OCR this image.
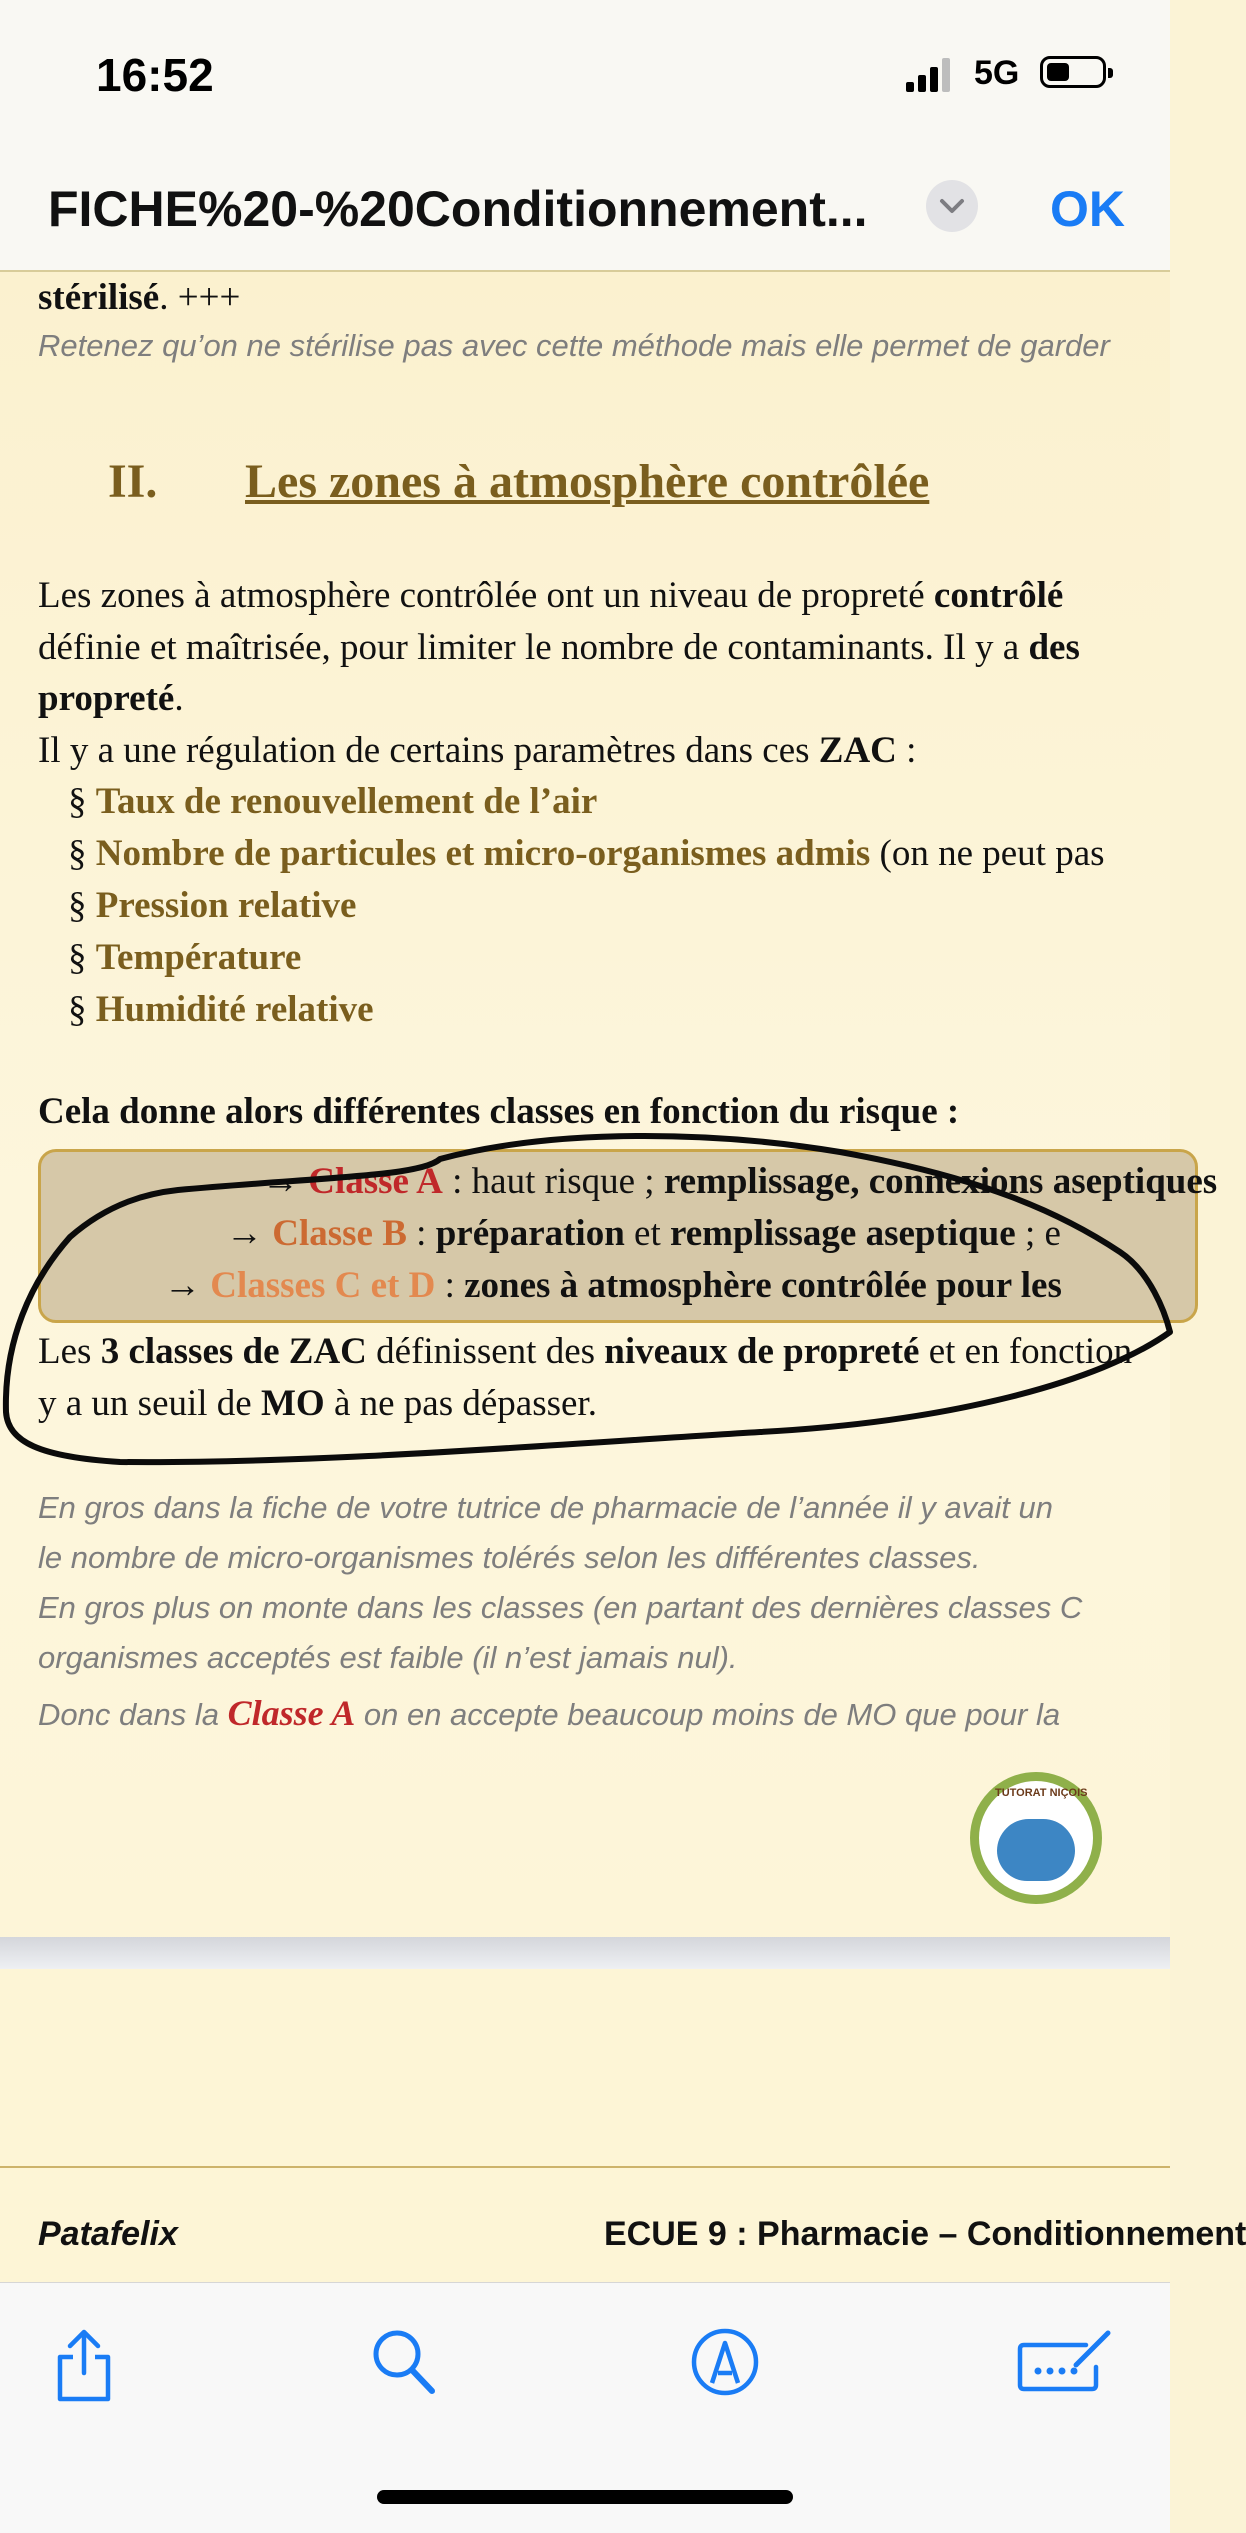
16:52	5G
FICHE%20-%20Conditionnement...	OK
stérilisé. +++
Retenez qu’on ne stérilise pas avec cette méthode mais elle permet de garder
II. Les zones à atmosphère contrôlée
Les zones à atmosphère contrôlée ont un niveau de propreté contrôlé
définie et maîtrisée, pour limiter le nombre de contaminants. Il y a des
propreté.
Il y a une régulation de certains paramètres dans ces ZAC :
§ Taux de renouvellement de l’air
§ Nombre de particules et micro-organismes admis (on ne peut pas
§ Pression relative
§ Température
§ Humidité relative
Cela donne alors différentes classes en fonction du risque :
→ Classe A : haut risque ; remplissage, connexions aseptiques
→ Classe B : préparation et remplissage aseptique ; e
→ Classes C et D : zones à atmosphère contrôlée pour les
Les 3 classes de ZAC définissent des niveaux de propreté et en fonction
y a un seuil de MO à ne pas dépasser.
En gros dans la fiche de votre tutrice de pharmacie de l’année il y avait un
le nombre de micro-organismes tolérés selon les différentes classes.
En gros plus on monte dans les classes (en partant des dernières classes C
organismes acceptés est faible (il n’est jamais nul).
Donc dans la Classe A on en accepte beaucoup moins de MO que pour la
TUTORAT NIÇOIS
Patafelix	ECUE 9 : Pharmacie – Conditionnement
